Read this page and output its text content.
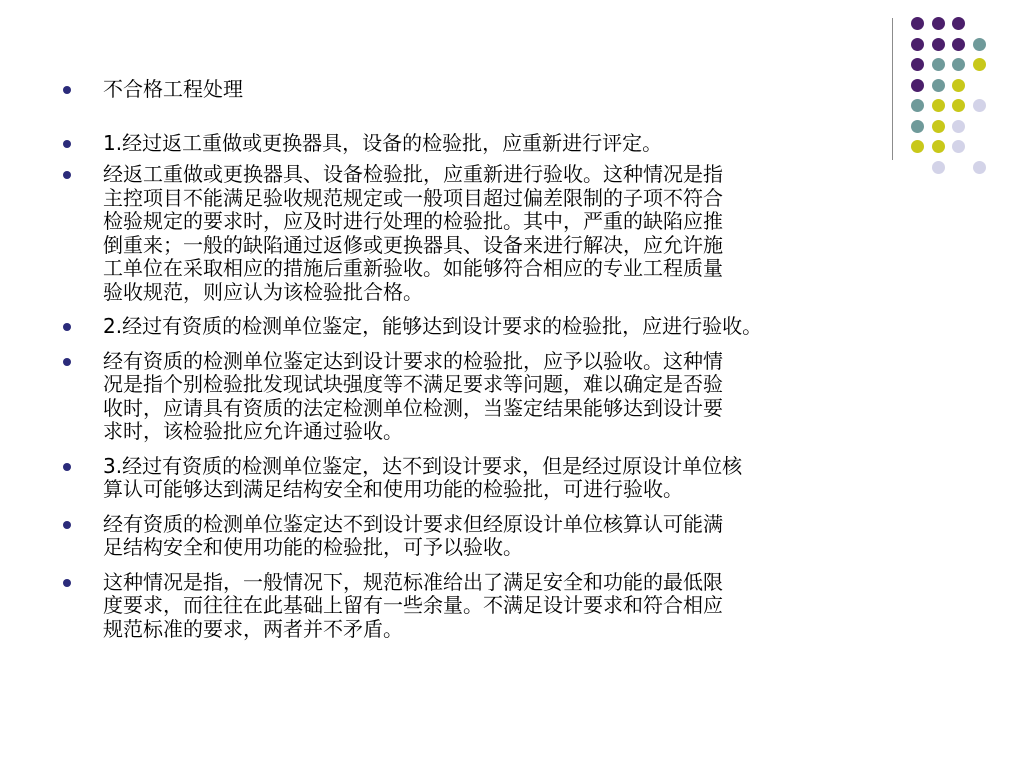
不合格工程处理
1.经过返工重做或更换器具，设备的检验批，应重新进行评定。
经返工重做或更换器具、设备检验批，应重新进行验收。这种情况是指
主控项目不能满足验收规范规定或一般项目超过偏差限制的子项不符合
检验规定的要求时，应及时进行处理的检验批。其中，严重的缺陷应推
倒重来；一般的缺陷通过返修或更换器具、设备来进行解决，应允许施
工单位在采取相应的措施后重新验收。如能够符合相应的专业工程质量
验收规范，则应认为该检验批合格。
2.经过有资质的检测单位鉴定，能够达到设计要求的检验批，应进行验收。
经有资质的检测单位鉴定达到设计要求的检验批，应予以验收。这种情
况是指个别检验批发现试块强度等不满足要求等问题，难以确定是否验
收时，应请具有资质的法定检测单位检测，当鉴定结果能够达到设计要
求时，该检验批应允许通过验收。
3.经过有资质的检测单位鉴定，达不到设计要求，但是经过原设计单位核
算认可能够达到满足结构安全和使用功能的检验批，可进行验收。
经有资质的检测单位鉴定达不到设计要求但经原设计单位核算认可能满
足结构安全和使用功能的检验批，可予以验收。
这种情况是指，一般情况下，规范标准给出了满足安全和功能的最低限
度要求，而往往在此基础上留有一些余量。不满足设计要求和符合相应
规范标准的要求，两者并不矛盾。
